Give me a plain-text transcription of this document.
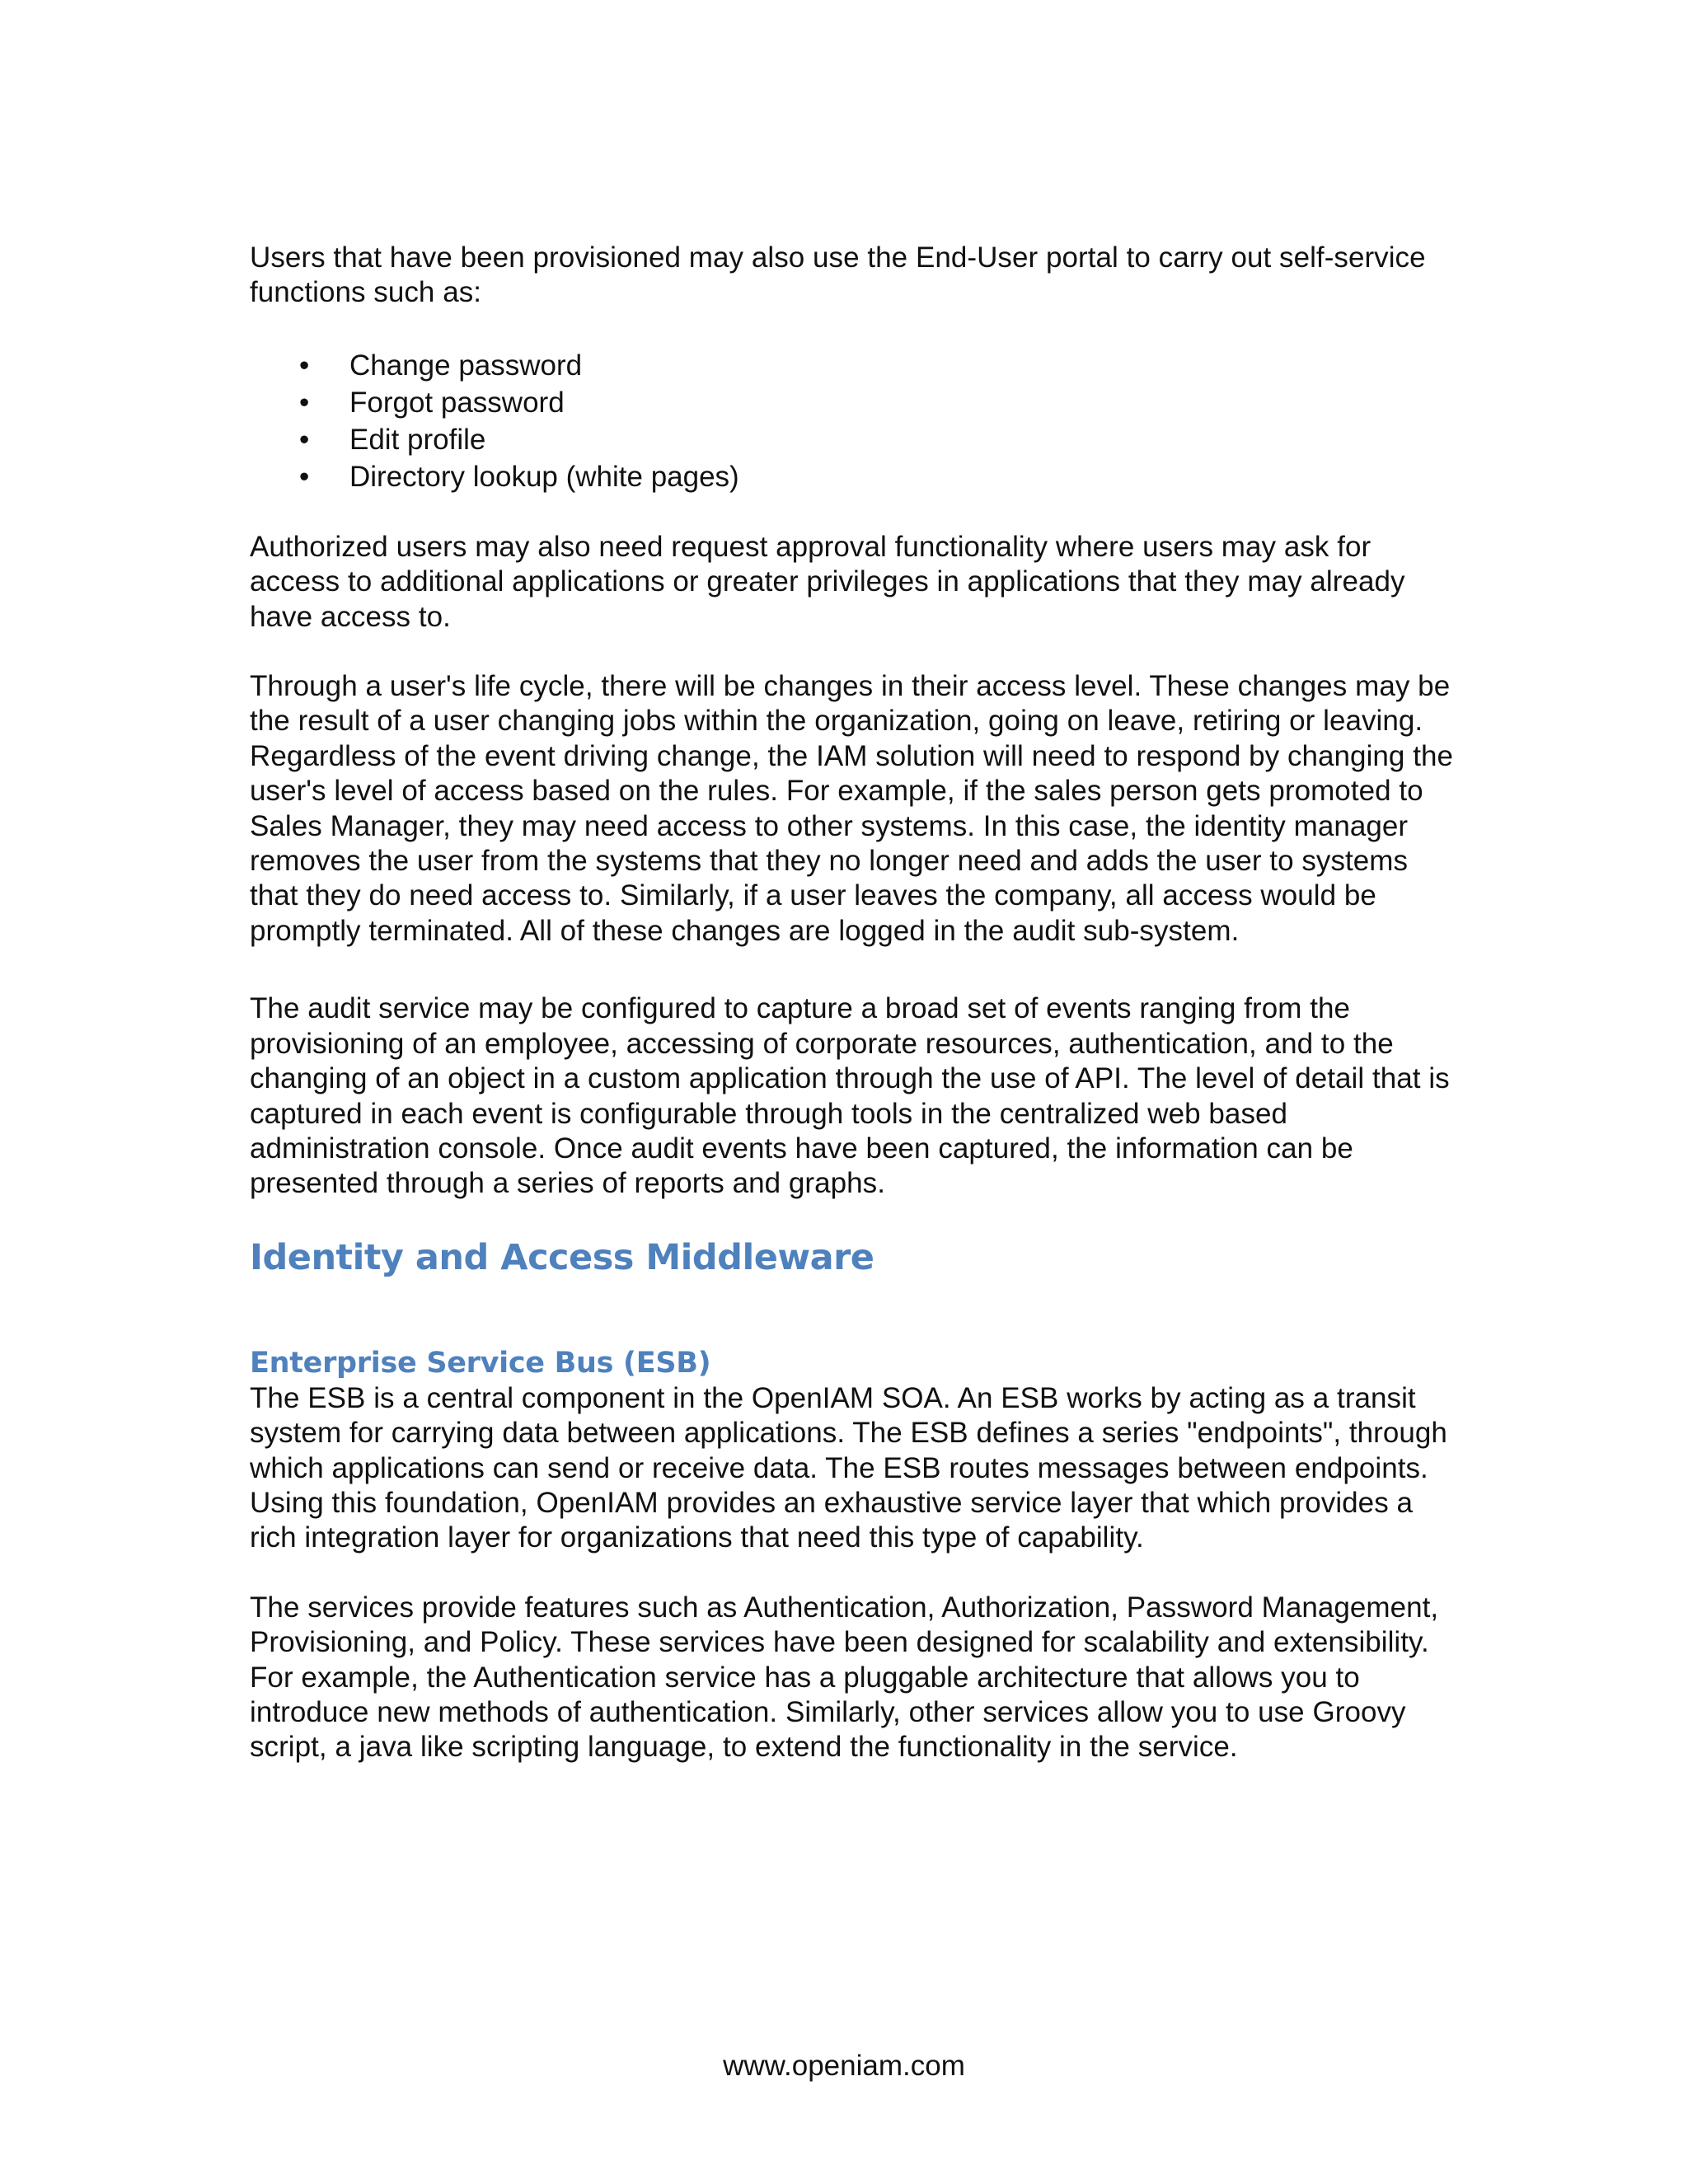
Users that have been provisioned may also use the End-User portal to carry out self-service functions such as:

• Change password
• Forgot password
• Edit profile
• Directory lookup (white pages)

Authorized users may also need request approval functionality where users may ask for access to additional applications or greater privileges in applications that they may already have access to.

Through a user's life cycle, there will be changes in their access level. These changes may be the result of a user changing jobs within the organization, going on leave, retiring or leaving. Regardless of the event driving change, the IAM solution will need to respond by changing the user's level of access based on the rules. For example, if the sales person gets promoted to Sales Manager, they may need access to other systems. In this case, the identity manager removes the user from the systems that they no longer need and adds the user to systems that they do need access to. Similarly, if a user leaves the company, all access would be promptly terminated. All of these changes are logged in the audit sub-system.

The audit service may be configured to capture a broad set of events ranging from the provisioning of an employee, accessing of corporate resources, authentication, and to the changing of an object in a custom application through the use of API. The level of detail that is captured in each event is configurable through tools in the centralized web based administration console. Once audit events have been captured, the information can be presented through a series of reports and graphs.

Identity and Access Middleware
Enterprise Service Bus (ESB)

The ESB is a central component in the OpenIAM SOA. An ESB works by acting as a transit system for carrying data between applications. The ESB defines a series "endpoints", through which applications can send or receive data. The ESB routes messages between endpoints. Using this foundation, OpenIAM provides an exhaustive service layer that which provides a rich integration layer for organizations that need this type of capability.

The services provide features such as Authentication, Authorization, Password Management, Provisioning, and Policy. These services have been designed for scalability and extensibility. For example, the Authentication service has a pluggable architecture that allows you to introduce new methods of authentication. Similarly, other services allow you to use Groovy script, a java like scripting language, to extend the functionality in the service.

www.openiam.com
